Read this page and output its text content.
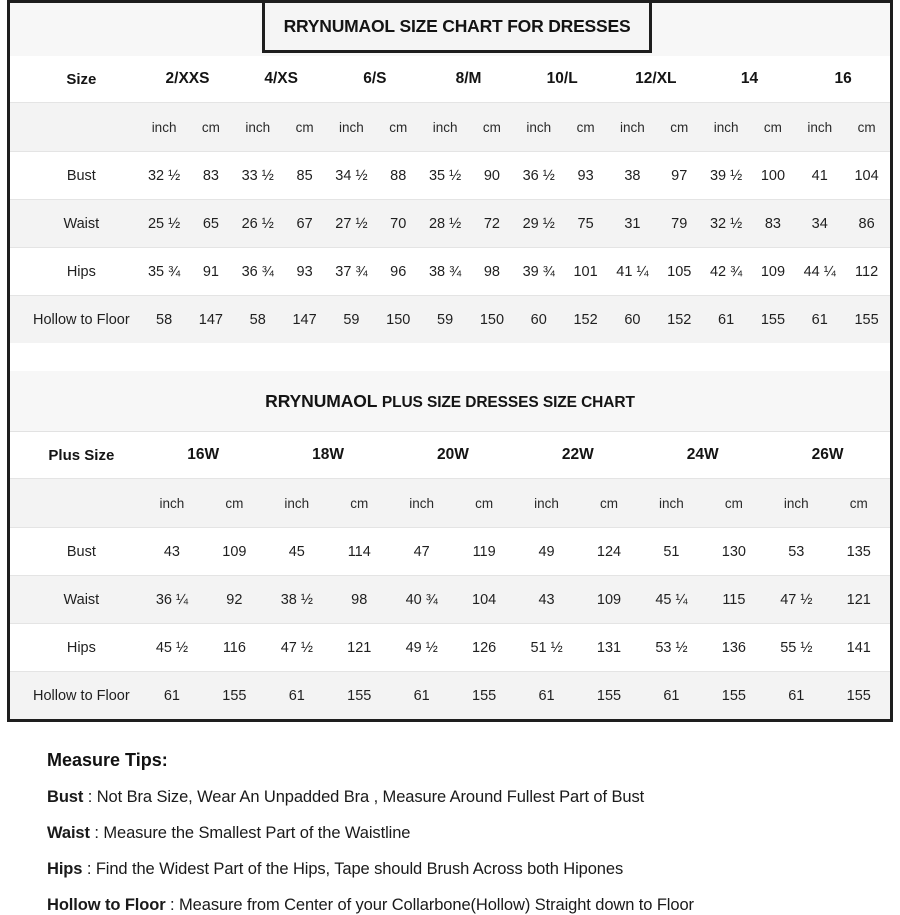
RRYNUMAOL SIZE CHART FOR DRESSES
Size	2/XXS		4/XS		6/S		8/M		10/L		12/XL		14		16	
	inch	cm	inch	cm	inch	cm	inch	cm	inch	cm	inch	cm	inch	cm	inch	cm
Bust	32 ½	83	33 ½	85	34 ½	88	35 ½	90	36 ½	93	38	97	39 ½	100	41	104
Waist	25 ½	65	26 ½	67	27 ½	70	28 ½	72	29 ½	75	31	79	32 ½	83	34	86
Hips	35 ¾	91	36 ¾	93	37 ¾	96	38 ¾	98	39 ¾	101	41 ¼	105	42 ¾	109	44 ¼	112
Hollow to Floor	58	147	58	147	59	150	59	150	60	152	60	152	61	155	61	155
RRYNUMAOL PLUS SIZE DRESSES SIZE CHART
Plus Size	16W		18W		20W		22W		24W		26W	
	inch	cm	inch	cm	inch	cm	inch	cm	inch	cm	inch	cm
Bust	43	109	45	114	47	119	49	124	51	130	53	135
Waist	36 ¼	92	38 ½	98	40 ¾	104	43	109	45 ¼	115	47 ½	121
Hips	45 ½	116	47 ½	121	49 ½	126	51 ½	131	53 ½	136	55 ½	141
Hollow to Floor	61	155	61	155	61	155	61	155	61	155	61	155
Measure Tips:
Bust : Not Bra Size, Wear An Unpadded Bra , Measure Around Fullest Part of Bust
Waist : Measure the Smallest Part of the Waistline
Hips : Find the Widest Part of the Hips, Tape should Brush Across both Hipones
Hollow to Floor : Measure from Center of your Collarbone(Hollow) Straight down to Floor
